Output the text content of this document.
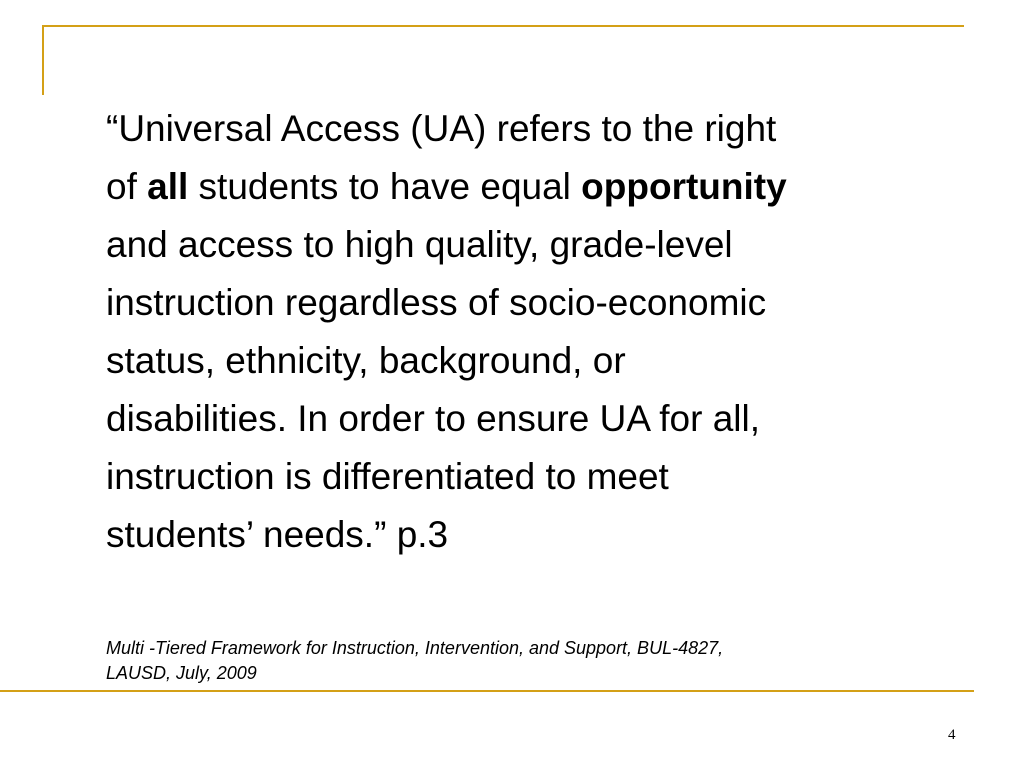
“Universal Access (UA) refers to the right
of all students to have equal opportunity
and access to high quality, grade-level
instruction regardless of socio-economic
status, ethnicity, background, or
disabilities. In order to ensure UA for all,
instruction is differentiated to meet
students’ needs.” p.3

Multi -Tiered Framework for Instruction, Intervention, and Support, BUL-4827,
LAUSD, July, 2009

4
